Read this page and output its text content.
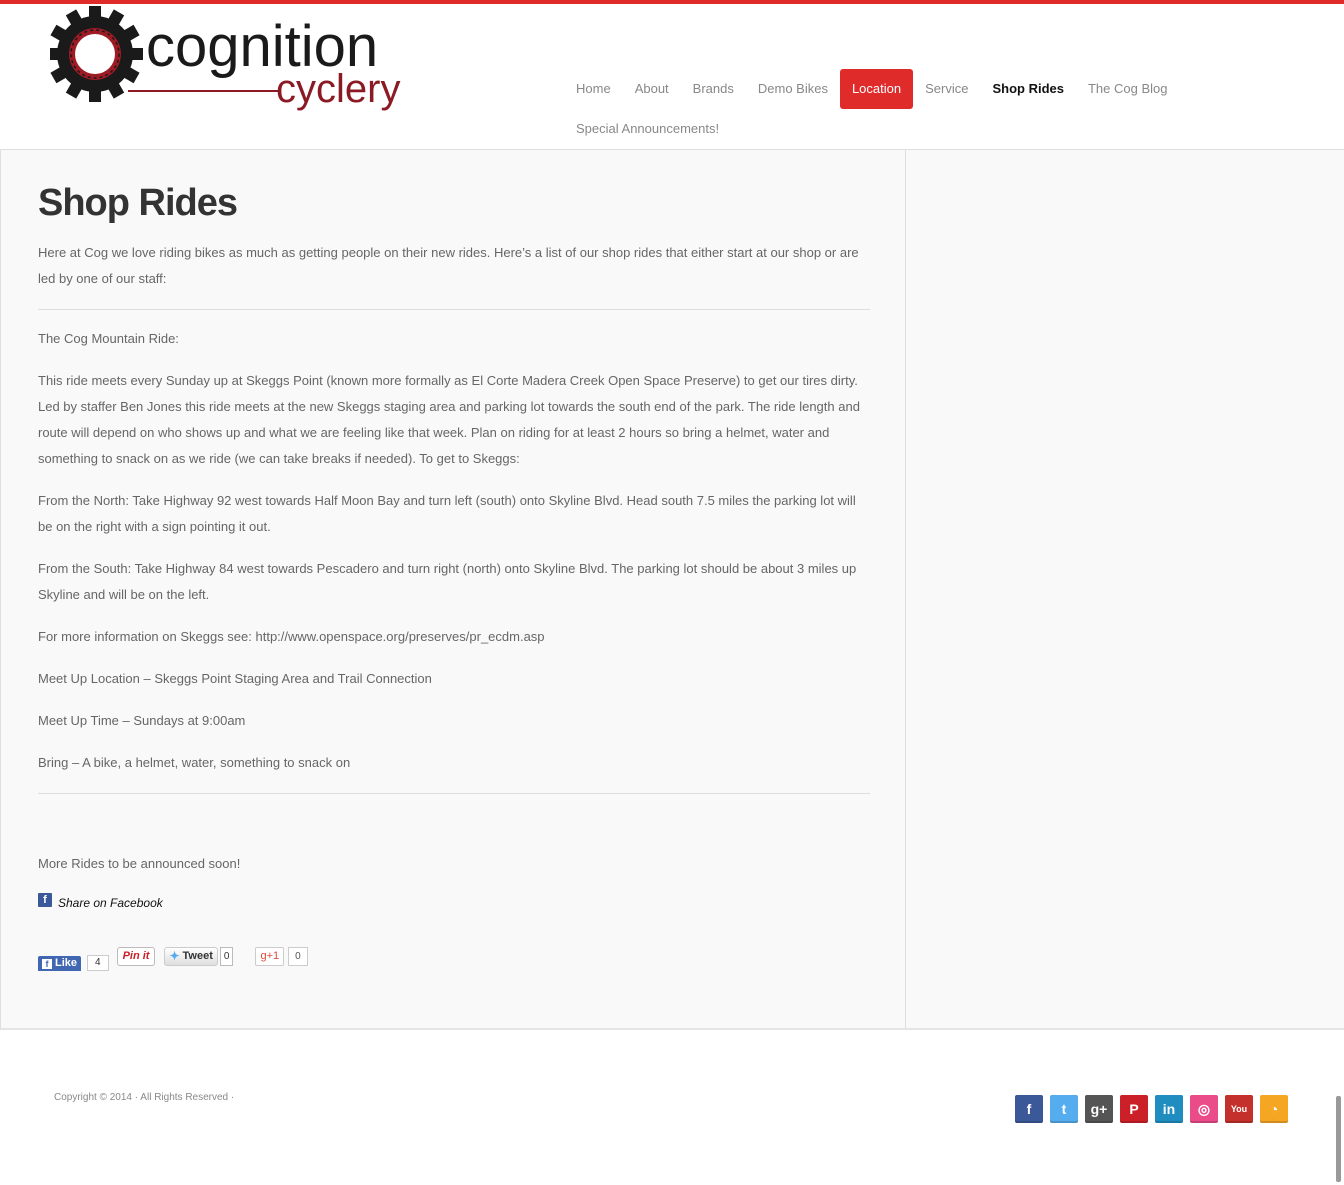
cognition
cyclery	Home	About	Brands	Demo Bikes	Location	Service	Shop Rides	The Cog Blog
Special Announcements!
Shop Rides

Here at Cog we love riding bikes as much as getting people on their new rides. Here’s a list of our shop rides that either start at our shop or are led by one of our staff:

The Cog Mountain Ride:

This ride meets every Sunday up at Skeggs Point (known more formally as El Corte Madera Creek Open Space Preserve) to get our tires dirty. Led by staffer Ben Jones this ride meets at the new Skeggs staging area and parking lot towards the south end of the park. The ride length and route will depend on who shows up and what we are feeling like that week. Plan on riding for at least 2 hours so bring a helmet, water and something to snack on as we ride (we can take breaks if needed). To get to Skeggs:

From the North: Take Highway 92 west towards Half Moon Bay and turn left (south) onto Skyline Blvd. Head south 7.5 miles the parking lot will be on the right with a sign pointing it out.

From the South: Take Highway 84 west towards Pescadero and turn right (north) onto Skyline Blvd. The parking lot should be about 3 miles up Skyline and will be on the left.

For more information on Skeggs see: http://www.openspace.org/preserves/pr_ecdm.asp

Meet Up Location – Skeggs Point Staging Area and Trail Connection

Meet Up Time – Sundays at 9:00am

Bring – A bike, a helmet, water, something to snack on

More Rides to be announced soon!

f Share on Facebook
f Like	4
Pin it	✦ Tweet	0	g+1	0
Copyright © 2014 · All Rights Reserved ·
f	t	g+	P	in	◎	You	◔
